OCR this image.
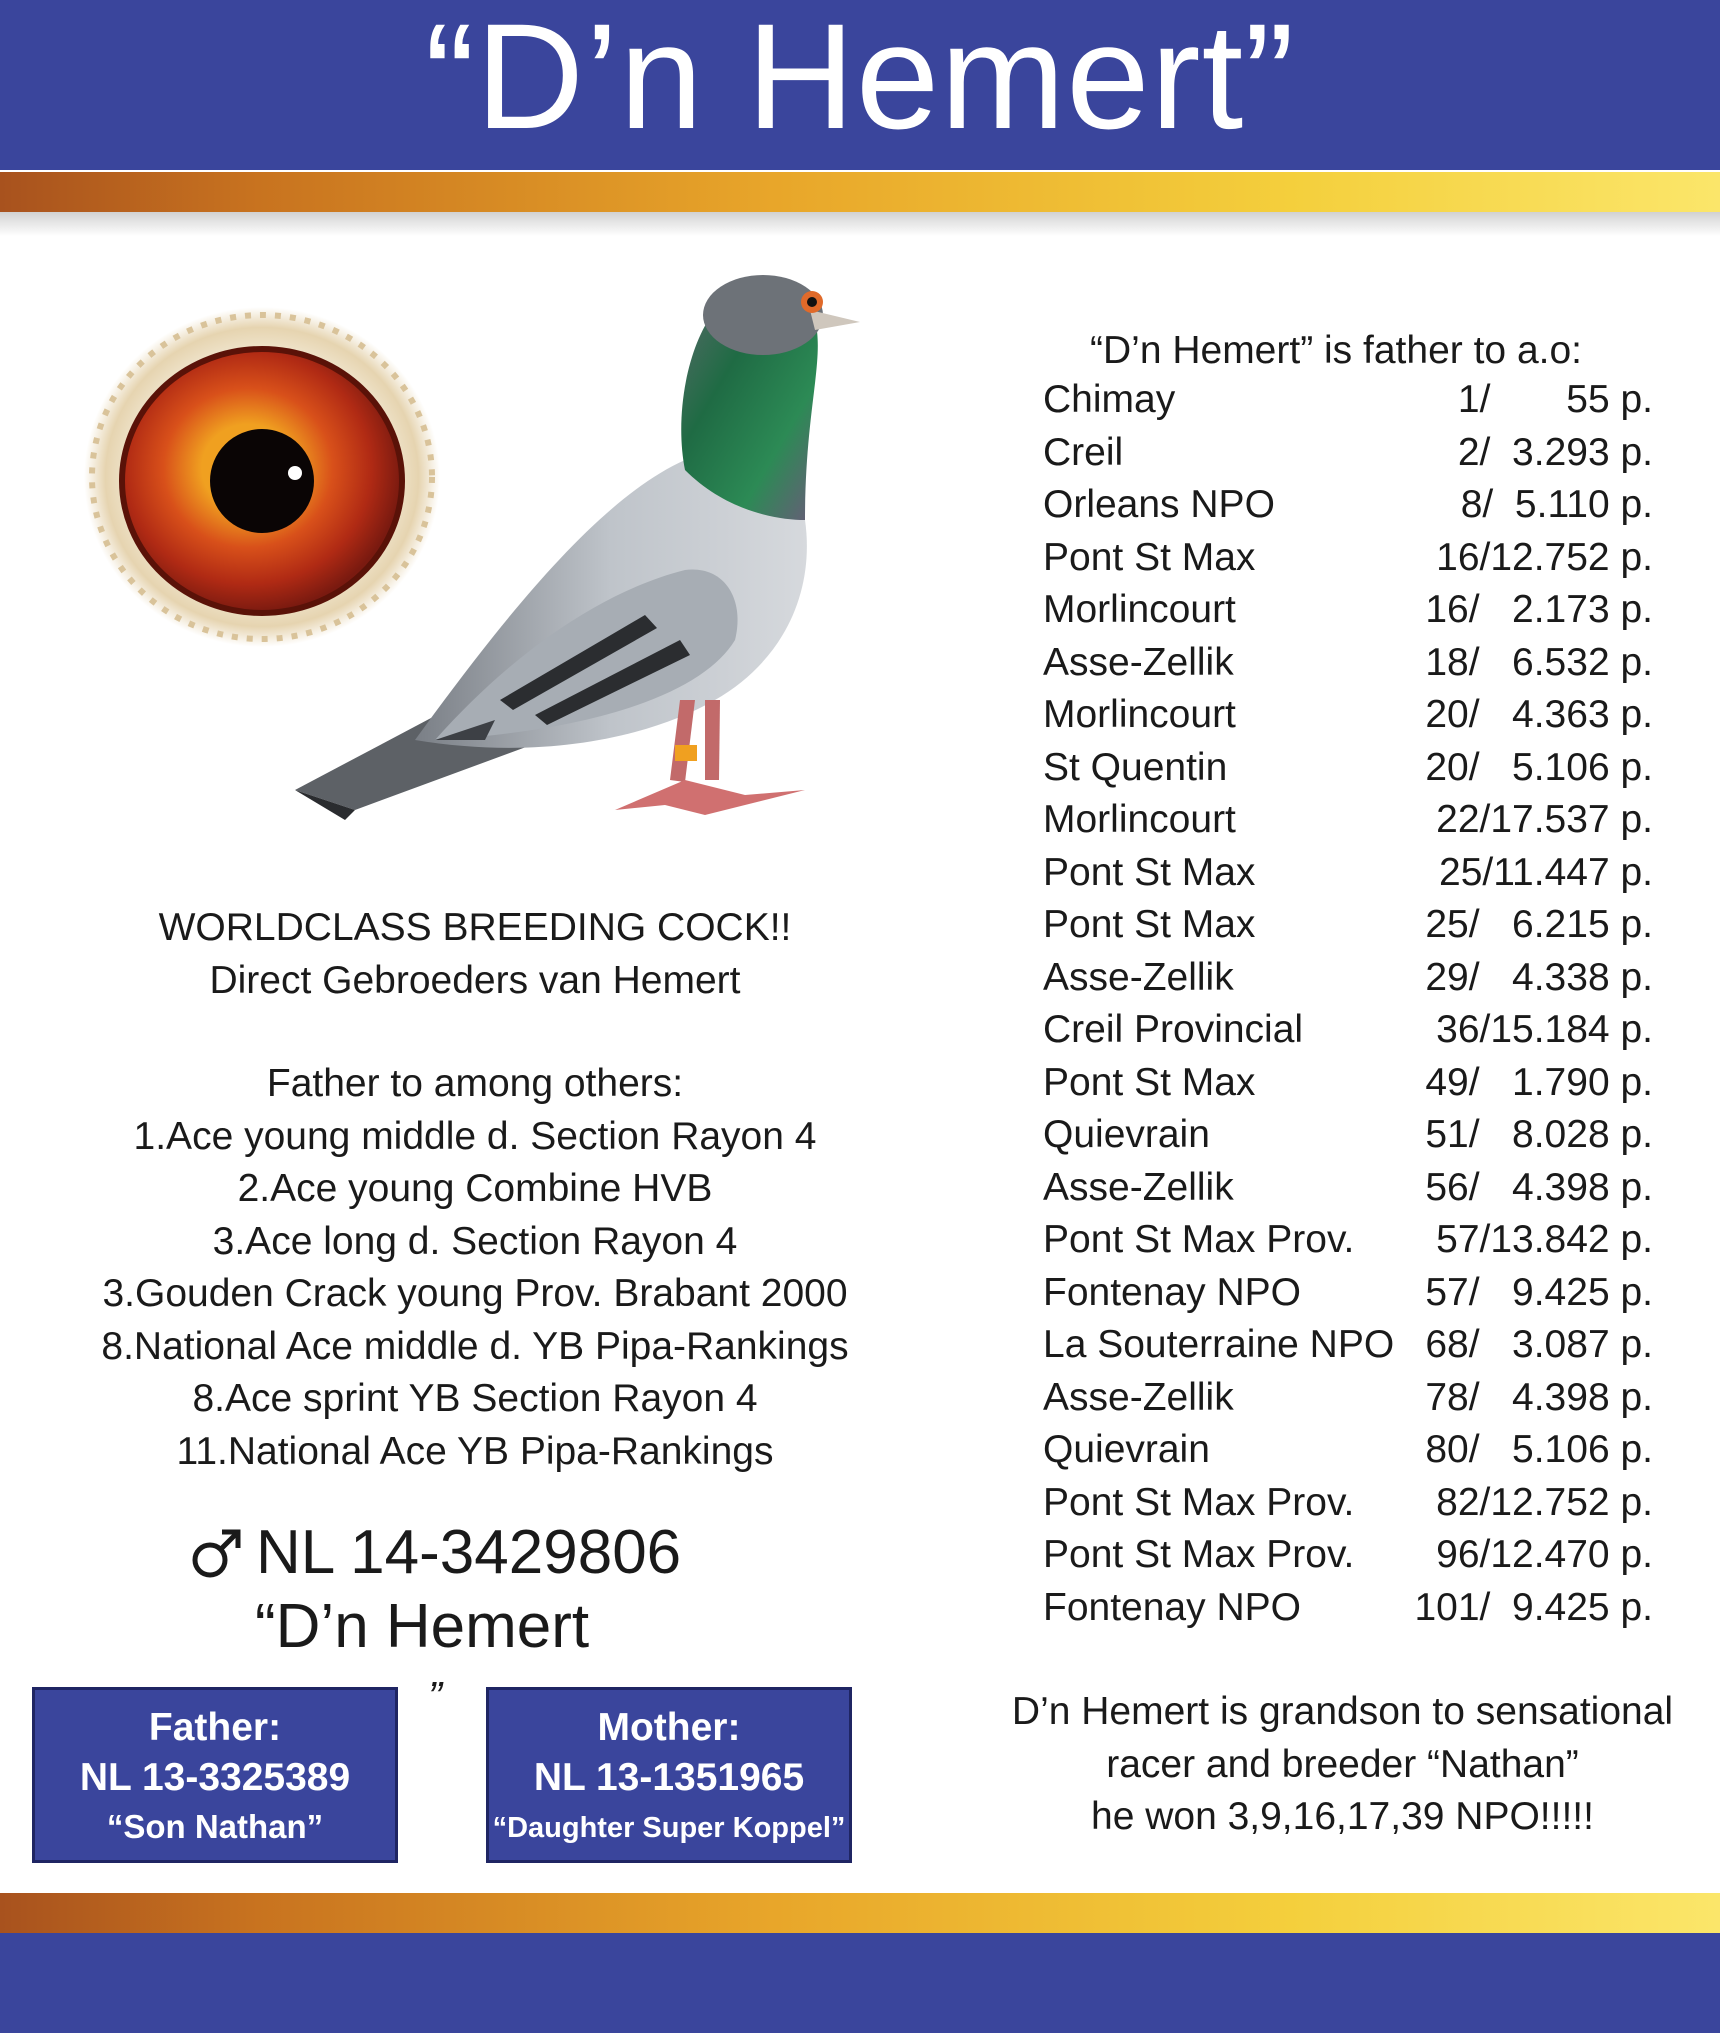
“D’n Hemert”
WORLDCLASS BREEDING COCK!!
Direct Gebroeders van Hemert
Father to among others:
1.Ace young middle d. Section Rayon 4
2.Ace young Combine HVB
3.Ace long d. Section Rayon 4
3.Gouden Crack young Prov. Brabant 2000
8.National Ace middle d. YB Pipa-Rankings
8.Ace sprint YB Section Rayon 4
11.National Ace YB Pipa-Rankings
NL 14-3429806
“D’n Hemert
”
Father:
NL 13-3325389
“Son Nathan”
Mother:
NL 13-1351965
“Daughter Super Koppel”
“D’n Hemert” is father to a.o:
Chimay	1/       55 p.
Creil	2/  3.293 p.
Orleans NPO	8/  5.110 p.
Pont St Max	16/12.752 p.
Morlincourt	16/   2.173 p.
Asse-Zellik	18/   6.532 p.
Morlincourt	20/   4.363 p.
St Quentin	20/   5.106 p.
Morlincourt	22/17.537 p.
Pont St Max	25/11.447 p.
Pont St Max	25/   6.215 p.
Asse-Zellik	29/   4.338 p.
Creil Provincial	36/15.184 p.
Pont St Max	49/   1.790 p.
Quievrain	51/   8.028 p.
Asse-Zellik	56/   4.398 p.
Pont St Max Prov.	57/13.842 p.
Fontenay NPO	57/   9.425 p.
La Souterraine NPO 68/   3.087 p.
Asse-Zellik	78/   4.398 p.
Quievrain	80/   5.106 p.
Pont St Max Prov.	82/12.752 p.
Pont St Max Prov.	96/12.470 p.
Fontenay NPO	101/  9.425 p.
D’n Hemert is grandson to sensational
racer and breeder “Nathan”
he won 3,9,16,17,39 NPO!!!!!
